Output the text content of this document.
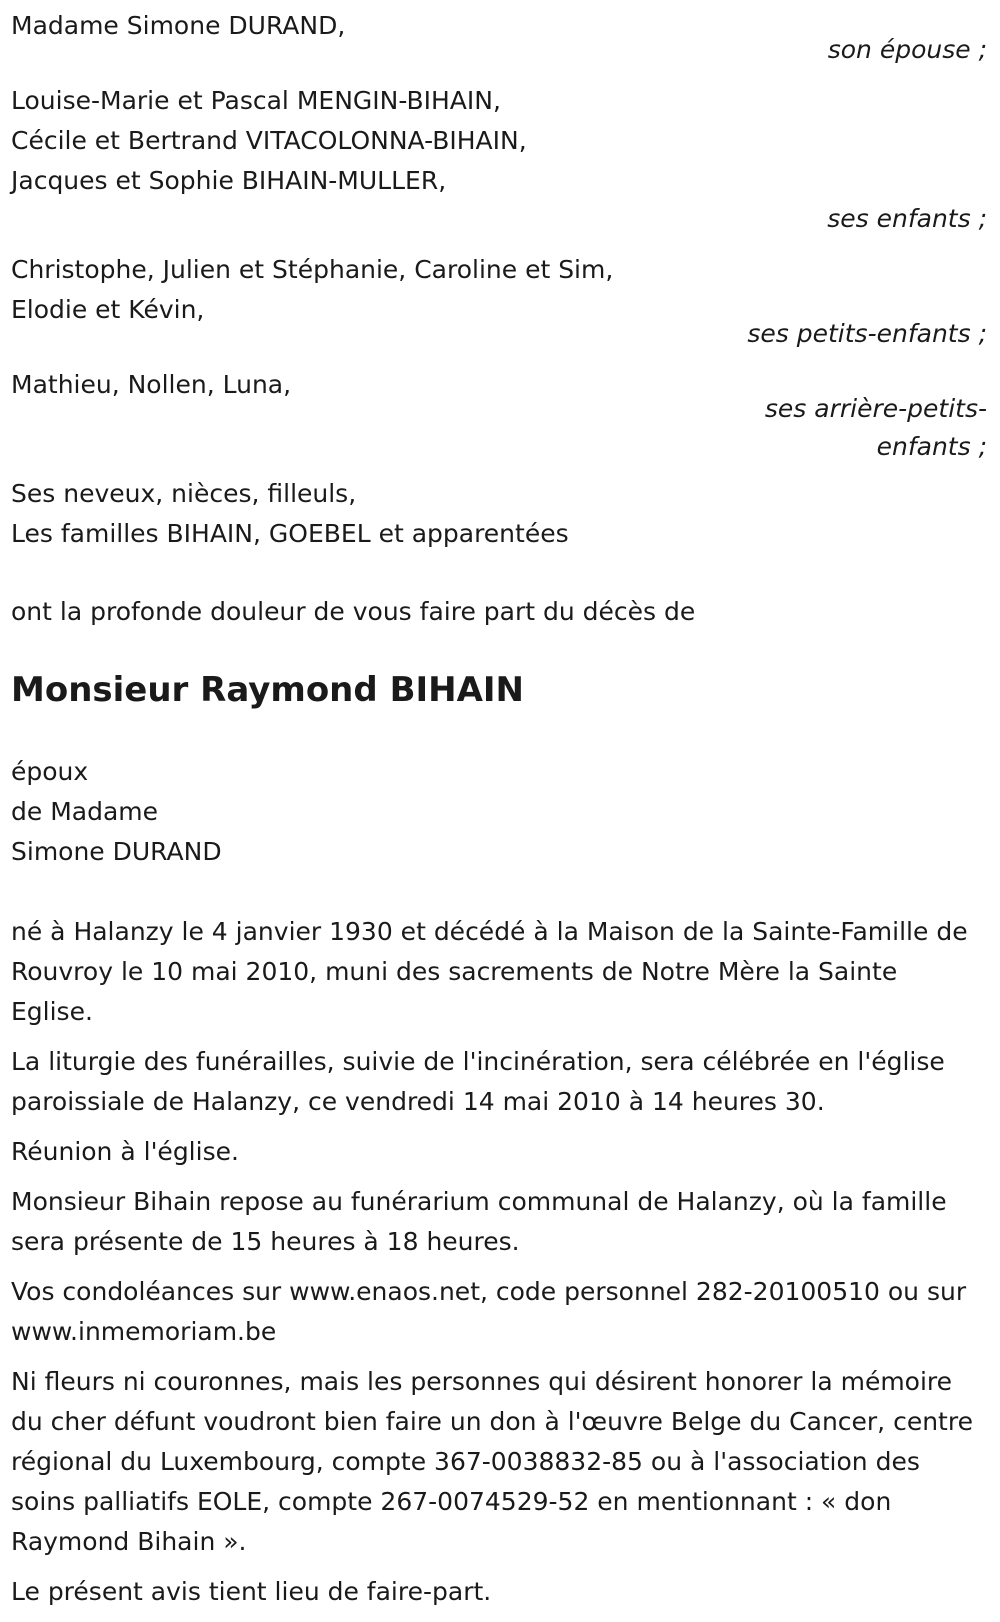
Madame Simone DURAND,
son épouse ;
Louise-Marie et Pascal MENGIN-BIHAIN,
Cécile et Bertrand VITACOLONNA-BIHAIN,
Jacques et Sophie BIHAIN-MULLER,
ses enfants ;
Christophe, Julien et Stéphanie, Caroline et Sim,
Elodie et Kévin,
ses petits-enfants ;
Mathieu, Nollen, Luna,
ses arrière-petits-
enfants ;
Ses neveux, nièces, filleuls,
Les familles BIHAIN, GOEBEL et apparentées
ont la profonde douleur de vous faire part du décès de
Monsieur Raymond BIHAIN
époux
de Madame
Simone DURAND

né à Halanzy le 4 janvier 1930 et décédé à la Maison de la Sainte-Famille de Rouvroy le 10 mai 2010, muni des sacrements de Notre Mère la Sainte Eglise.

La liturgie des funérailles, suivie de l'incinération, sera célébrée en l'église paroissiale de Halanzy, ce vendredi 14 mai 2010 à 14 heures 30.

Réunion à l'église.

Monsieur Bihain repose au funérarium communal de Halanzy, où la famille sera présente de 15 heures à 18 heures.

Vos condoléances sur www.enaos.net, code personnel 282-20100510 ou sur www.inmemoriam.be

Ni fleurs ni couronnes, mais les personnes qui désirent honorer la mémoire du cher défunt voudront bien faire un don à l'œuvre Belge du Cancer, centre régional du Luxembourg, compte 367-0038832-85 ou à l'association des soins palliatifs EOLE, compte 267-0074529-52 en mentionnant : « don Raymond Bihain ».

Le présent avis tient lieu de faire-part.
